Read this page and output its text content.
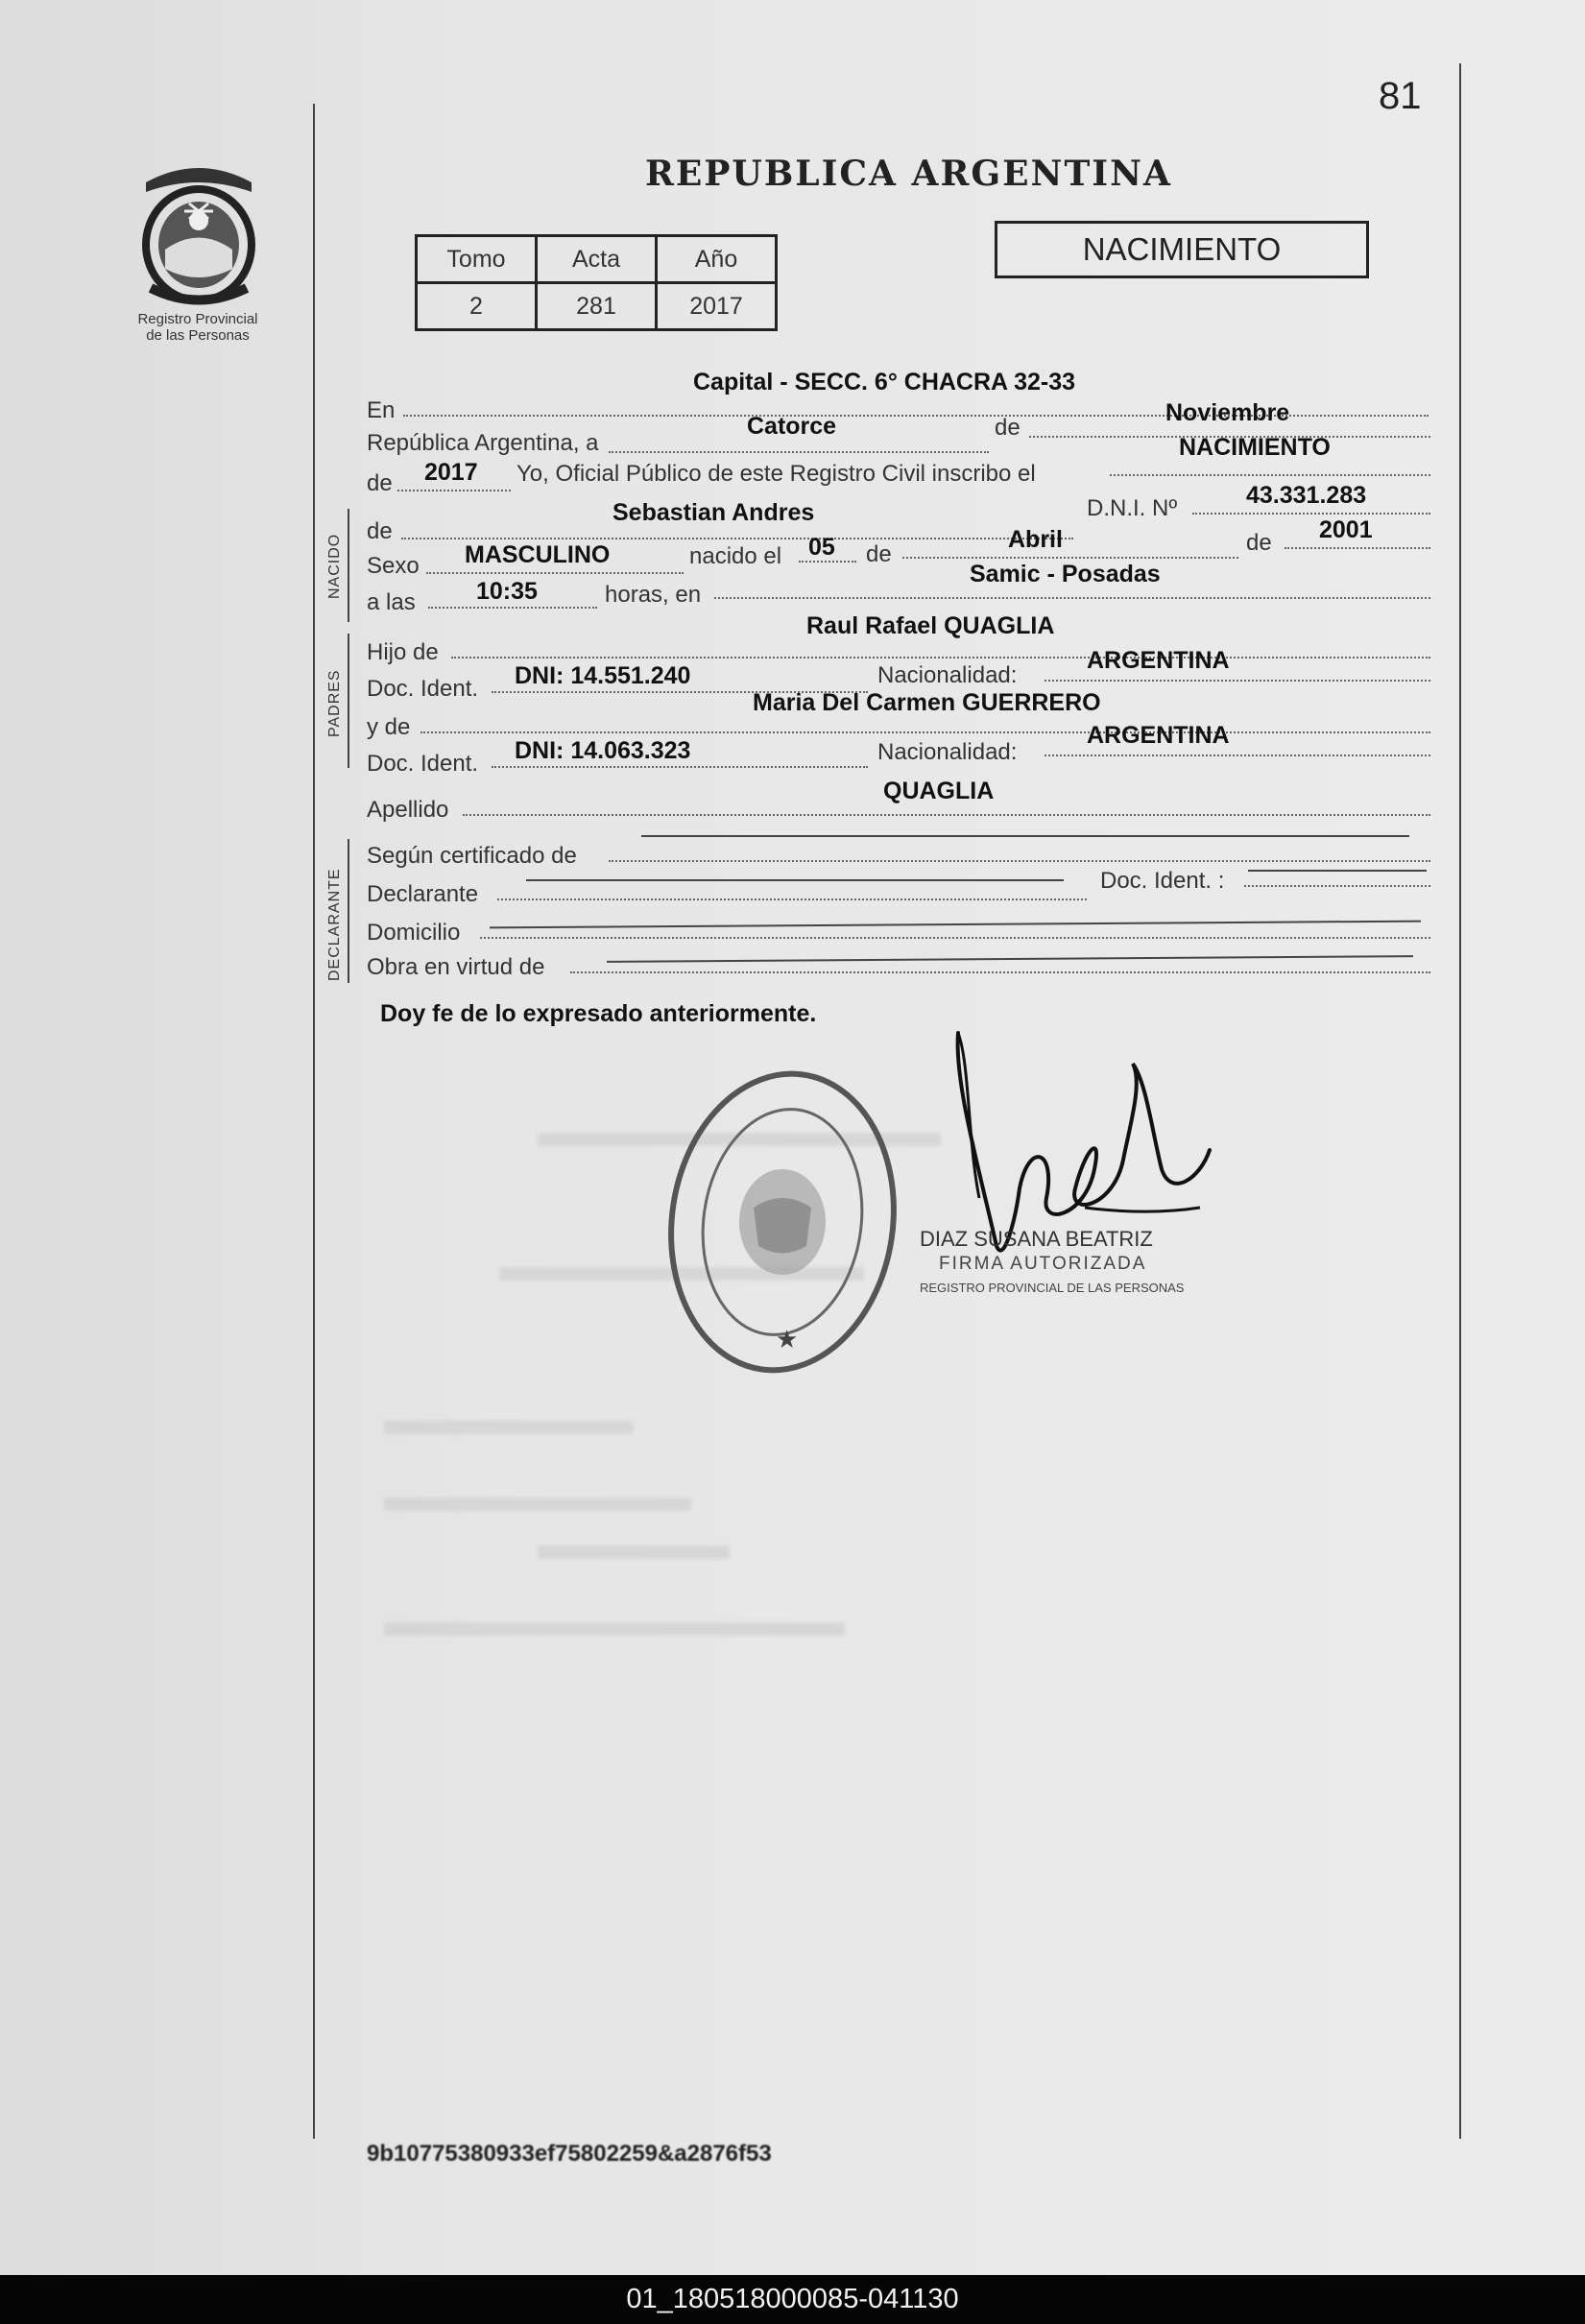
81
Registro Provincial
de las Personas
REPUBLICA ARGENTINA
Tomo	Acta	Año
2	281	2017
NACIMIENTO
En
Capital - SECC. 6° CHACRA 32-33
República Argentina, a
Catorce	de
Noviembre
de 2017 Yo, Oficial Público de este Registro Civil inscribo el
NACIMIENTO
NACIDO
de
Sebastian Andres	D.N.I. Nº	43.331.283
Sexo MASCULINO	nacido el 05 de
Abril	de 2001
a las	10:35	horas, en
Samic - Posadas
PADRES
Hijo de
Raul Rafael QUAGLIA
Doc. Ident. DNI: 14.551.240	Nacionalidad:
ARGENTINA
y de
Maria Del Carmen GUERRERO
Doc. Ident. DNI: 14.063.323	Nacionalidad:
ARGENTINA
Apellido
QUAGLIA
DECLARANTE
Según certificado de
Declarante
Doc. Ident. :
Domicilio
Obra en virtud de
Doy fe de lo expresado anteriormente.
★
DIAZ SUSANA BEATRIZ
FIRMA AUTORIZADA
REGISTRO PROVINCIAL DE LAS PERSONAS
9b10775380933ef75802259&a2876f53
01_180518000085-041130
